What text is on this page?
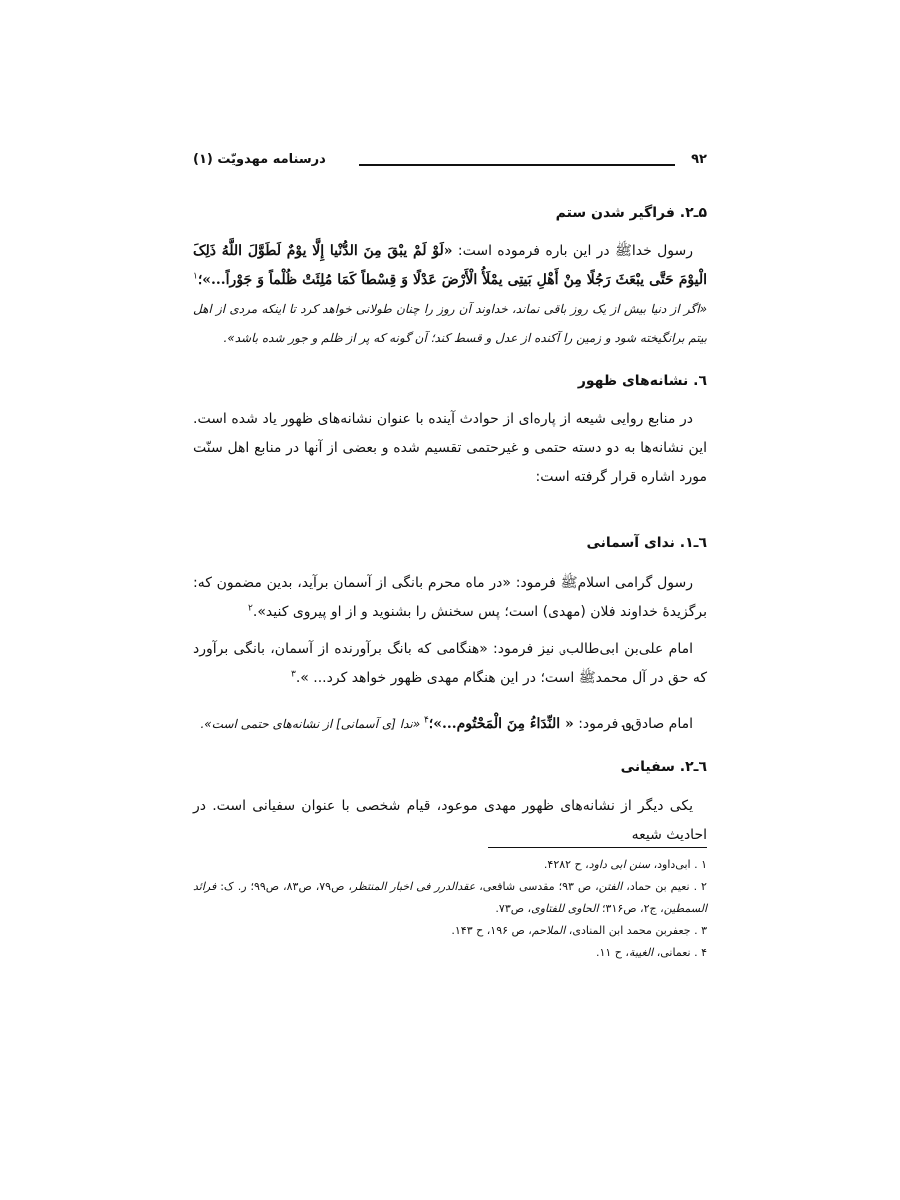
۹۲
درسنامه مهدویّت (۱)
۵ـ۲. فراگیر شدن ستم
رسول خداﷺ در این باره فرموده است: «لَوْ لَمْ یبْقَ مِنَ الدُّنْیا إِلَّا یوْمٌ لَطَوَّلَ اللَّهُ ذَلِکَ الْیوْمَ حَتَّی یبْعَثَ رَجُلًا مِنْ أَهْلِ بَیتِی یمْلَأُ الْأَرْضَ عَدْلًا وَ قِسْطاً کَمَا مُلِئَتْ ظُلْماً وَ جَوْراً...»؛$^۱$ «اگر از دنیا بیش از یک روز باقی نماند، خداوند آن روز را چنان طولانی خواهد کرد تا اینکه مردی از اهل بیتم برانگیخته شود و زمین را آکنده از عدل و قسط کند؛ آن گونه که پر از ظلم و جور شده باشد».
٦. نشانه‌های ظهور
در منابع روایی شیعه از پاره‌ای از حوادث آینده با عنوان نشانه‌های ظهور یاد شده است. این نشانه‌ها به دو دسته حتمی و غیرحتمی تقسیم شده و بعضی از آنها در منابع اهل سنّت مورد اشاره قرار گرفته است:
٦ـ١. ندای آسمانی
رسول گرامی اسلامﷺ فرمود: «در ماه محرم بانگی از آسمان برآید، بدین مضمون که: برگزیدۀ خداوند فلان (مهدی) است؛ پس سخنش را بشنوید و از او پیروی کنید».$^۲$
امام علی‌بن ابی‌طالب؈ نیز فرمود: «هنگامی که بانگ برآورنده از آسمان، بانگی برآورد که حق در آل محمدﷺ است؛ در این هنگام مهدی ظهور خواهد کرد... ».$^۳$
امام صادق؈ فرمود: « النِّدَاءُ مِنَ الْمَحْتُوم...»؛$^۴$ «ندا [ی آسمانی] از نشانه‌های حتمی است».
٦ـ٢. سفیانی
یکی دیگر از نشانه‌های ظهور مهدی موعود، قیام شخصی با عنوان سفیانی است. در احادیث شیعه

۱ . ابی‌داود، سنن ابی داود، ح ۴۲۸۲.

۲ . نعیم بن حماد، الفتن، ص ۹۳؛ مقدسی شافعی، عقدالدرر فی اخبار المنتظر، ص۷۹، ص۸۳، ص۹۹؛ ر. ک: فرائد السمطین، ج۲، ص۳۱۶؛ الحاوی للفتاوی، ص۷۳.

۳ . جعفربن محمد ابن المنادی، الملاحم، ص ۱۹۶، ح ۱۴۳.

۴ . نعمانی، الغیبة، ح ۱۱.
